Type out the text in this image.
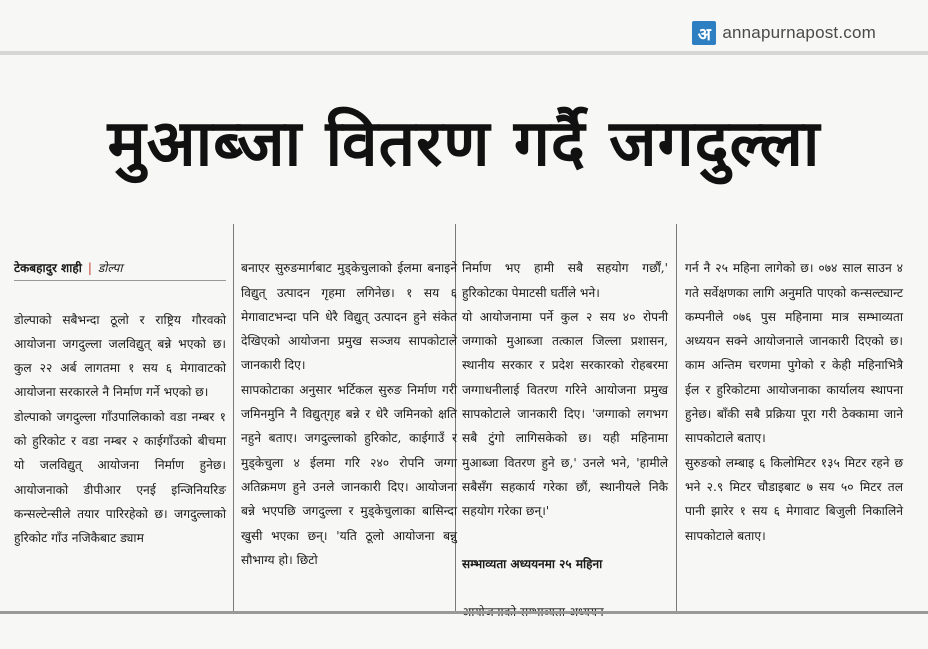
अ annapurnapost.com
मुआब्जा वितरण गर्दै जगदुल्ला

टेकबहादुर शाही | डोल्पा

डोल्पाको सबैभन्दा ठूलो र राष्ट्रिय गौरवको आयोजना जगदुल्ला जलविद्युत् बन्ने भएको छ। कुल २२ अर्ब लागतमा १ सय ६ मेगावाटको आयोजना सरकारले नै निर्माण गर्ने भएको छ।
डोल्पाको जगदुल्ला गाँउपालिकाको वडा नम्बर १ को हुरिकोट र वडा नम्बर २ काईगाँउको बीचमा यो जलविद्युत् आयोजना निर्माण हुनेछ। आयोजनाको डीपीआर एनई इन्जिनियरिङ कन्सल्टेन्सीले तयार पारिरहेको छ। जगदुल्लाको हुरिकोट गाँउ नजिकैबाट ड्याम

बनाएर सुरुङमार्गबाट मुड्केचुलाको ईलमा बनाइने विद्युत् उत्पादन गृहमा लगिनेछ। १ सय ६ मेगावाटभन्दा पनि धेरै विद्युत् उत्पादन हुने संकेत देखिएको आयोजना प्रमुख सञ्जय सापकोटाले जानकारी दिए।
सापकोटाका अनुसार भर्टिकल सुरुङ निर्माण गरी जमिनमुनि नै विद्युत्‌गृह बन्ने र धेरै जमिनको क्षति नहुने बताए। जगदुल्लाको हुरिकोट, काईगाउँ र मुड्केचुला ४ ईलमा गरि २४० रोपनि जग्गा अतिक्रमण हुने उनले जानकारी दिए। आयोजना बन्ने भएपछि जगदुल्ला र मुड्केचुलाका बासिन्दा खुसी भएका छन्। 'यति ठूलो आयोजना बन्नु सौभाग्य हो। छिटो

निर्माण भए हामी सबै सहयोग गर्छौं,' हुरिकोटका पेमाटसी घर्तीले भने।
यो आयोजनामा पर्ने कुल २ सय ४० रोपनी जग्गाको मुआब्जा तत्काल जिल्ला प्रशासन, स्थानीय सरकार र प्रदेश सरकारको रोहबरमा जग्गाधनीलाई वितरण गरिने आयोजना प्रमुख सापकोटाले जानकारी दिए। 'जग्गाको लगभग सबै टुंगो लागिसकेको छ। यही महिनामा मुआब्जा वितरण हुने छ,' उनले भने, 'हामीले सबैसँग सहकार्य गरेका छौं, स्थानीयले निकै सहयोग गरेका छन्।'

सम्भाव्यता अध्ययनमा २५ महिना

गर्न नै २५ महिना लागेको छ। ०७४ साल साउन ४ गते सर्वेक्षणका लागि अनुमति पाएको कन्सल्ट्यान्ट कम्पनीले ०७६ पुस महिनामा मात्र सम्भाव्यता अध्ययन सक्ने आयोजनाले जानकारी दिएको छ। काम अन्तिम चरणमा पुगेको र केही महिनाभित्रै ईल र हुरिकोटमा आयोजनाका कार्यालय स्थापना हुनेछ। बाँकी सबै प्रक्रिया पूरा गरी ठेक्कामा जाने सापकोटाले बताए।
सुरुङको लम्बाइ ६ किलोमिटर १३५ मिटर रहने छ भने २.९ मिटर चौडाइबाट ७ सय ५० मिटर तल पानी झारेर १ सय ६ मेगावाट बिजुली निकालिने सापकोटाले बताए।
